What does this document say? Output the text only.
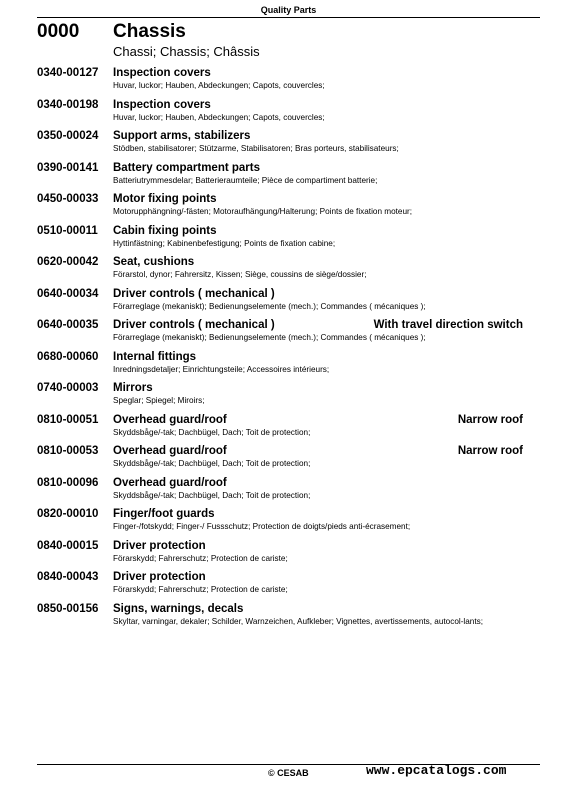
Quality Parts
0000 Chassis
Chassi; Chassis; Châssis
0340-00127 Inspection covers
Huvar, luckor; Hauben, Abdeckungen; Capots, couvercles;
0340-00198 Inspection covers
Huvar, luckor; Hauben, Abdeckungen; Capots, couvercles;
0350-00024 Support arms, stabilizers
Stödben, stabilisatorer; Stützarme, Stabilisatoren; Bras porteurs, stabilisateurs;
0390-00141 Battery compartment parts
Batteriutrymmesdelar; Batterieraumteile; Pièce de compartiment batterie;
0450-00033 Motor fixing points
Motorupphängning/-fästen; Motoraufhängung/Halterung; Points de fixation moteur;
0510-00011 Cabin fixing points
Hyttinfästning; Kabinenbefestigung; Points de fixation cabine;
0620-00042 Seat, cushions
Förarstol, dynor; Fahrersitz, Kissen; Siège, coussins de siège/dossier;
0640-00034 Driver controls ( mechanical )
Förarreglage (mekaniskt); Bedienungselemente (mech.); Commandes ( mécaniques );
0640-00035 Driver controls ( mechanical )	With travel direction switch
Förarreglage (mekaniskt); Bedienungselemente (mech.); Commandes ( mécaniques );
0680-00060 Internal fittings
Inredningsdetaljer; Einrichtungsteile; Accessoires intérieurs;
0740-00003 Mirrors
Speglar; Spiegel; Miroirs;
0810-00051 Overhead guard/roof	Narrow roof
Skyddsbåge/-tak; Dachbügel, Dach; Toit de protection;
0810-00053 Overhead guard/roof	Narrow roof
Skyddsbåge/-tak; Dachbügel, Dach; Toit de protection;
0810-00096 Overhead guard/roof
Skyddsbåge/-tak; Dachbügel, Dach; Toit de protection;
0820-00010 Finger/foot guards
Finger-/fotskydd; Finger-/ Fussschutz; Protection de doigts/pieds anti-écrasement;
0840-00015 Driver protection
Förarskydd; Fahrerschutz; Protection de cariste;
0840-00043 Driver protection
Förarskydd; Fahrerschutz; Protection de cariste;
0850-00156 Signs, warnings, decals
Skyltar, varningar, dekaler; Schilder, Warnzeichen, Aufkleber; Vignettes, avertissements, autocol-lants;
© CESAB	www.epcatalogs.com
